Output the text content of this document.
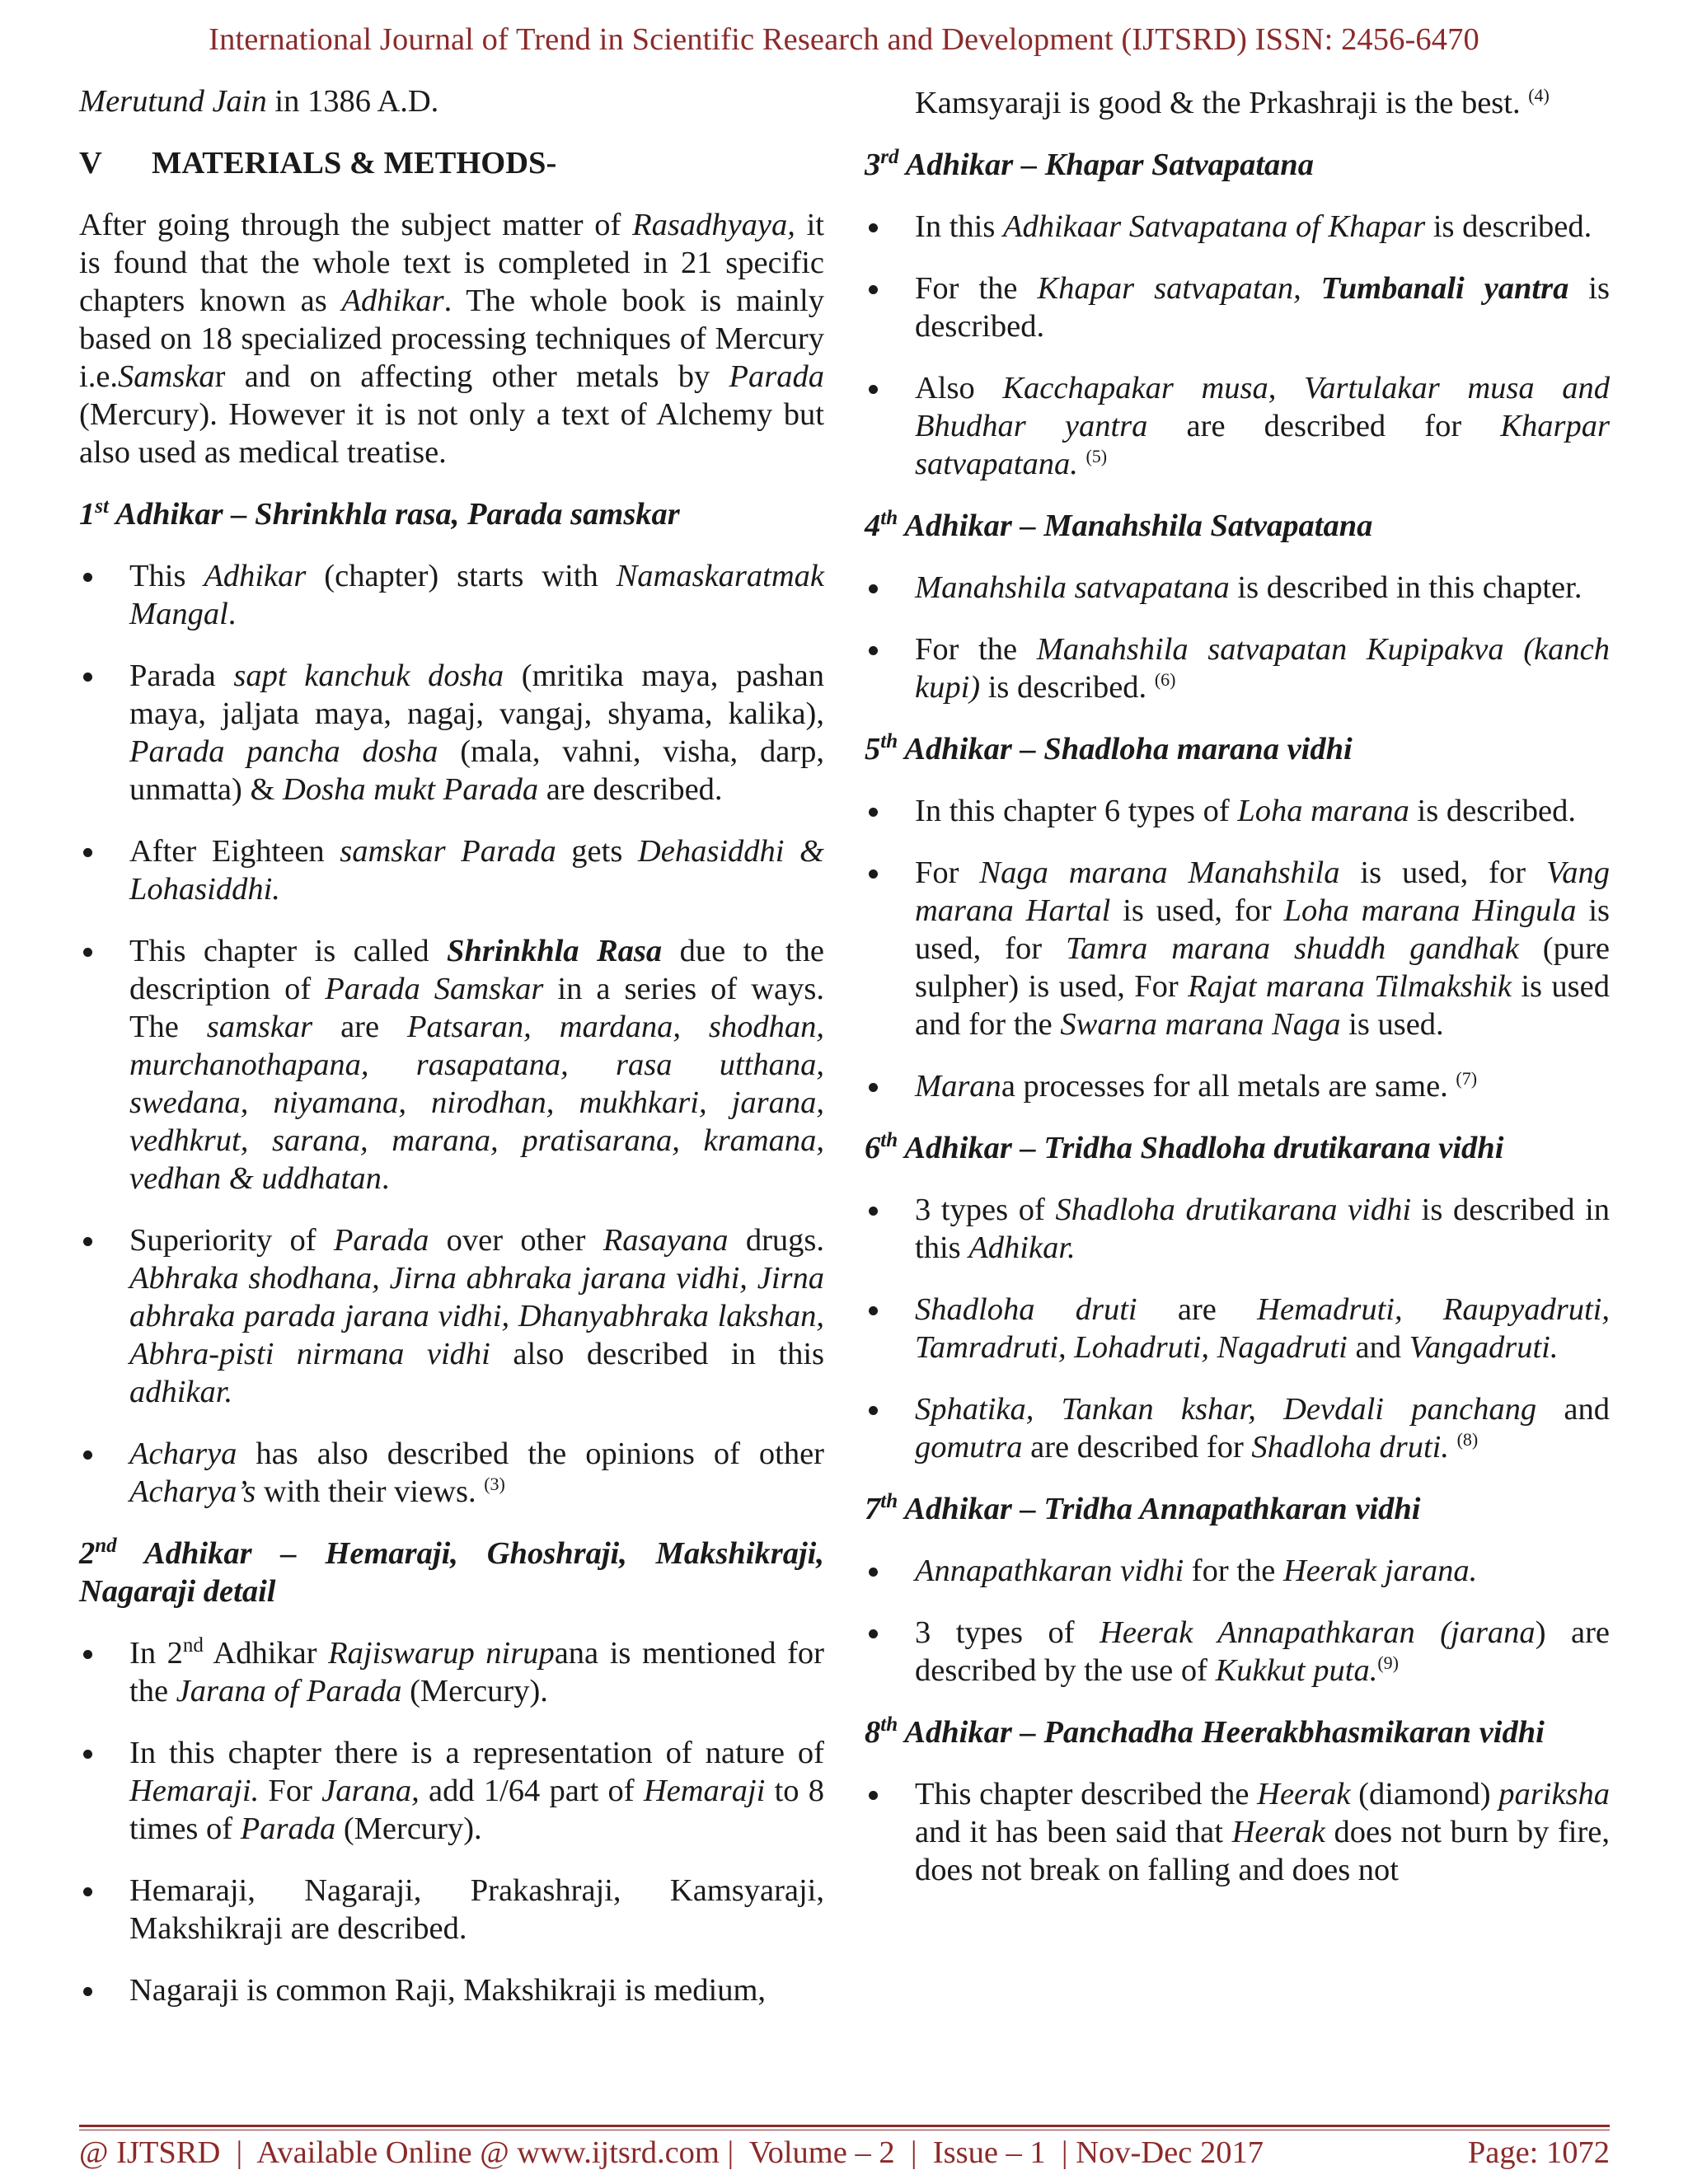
International Journal of Trend in Scientific Research and Development (IJTSRD) ISSN: 2456-6470

Merutund Jain in 1386 A.D.

V	MATERIALS & METHODS-

After going through the subject matter of Rasadhyaya, it is found that the whole text is completed in 21 specific chapters known as Adhikar. The whole book is mainly based on 18 specialized processing techniques of Mercury i.e.Samskar and on affecting other metals by Parada (Mercury). However it is not only a text of Alchemy but also used as medical treatise.

1st Adhikar – Shrinkhla rasa, Parada samskar

This Adhikar (chapter) starts with Namaskaratmak Mangal.

Parada sapt kanchuk dosha (mritika maya, pashan maya, jaljata maya, nagaj, vangaj, shyama, kalika), Parada pancha dosha (mala, vahni, visha, darp, unmatta) & Dosha mukt Parada are described.

After Eighteen samskar Parada gets Dehasiddhi & Lohasiddhi.

This chapter is called Shrinkhla Rasa due to the description of Parada Samskar in a series of ways. The samskar are Patsaran, mardana, shodhan, murchanothapana, rasapatana, rasa utthana, swedana, niyamana, nirodhan, mukhkari, jarana, vedhkrut, sarana, marana, pratisarana, kramana, vedhan & uddhatan.

Superiority of Parada over other Rasayana drugs. Abhraka shodhana, Jirna abhraka jarana vidhi, Jirna abhraka parada jarana vidhi, Dhanyabhraka lakshan, Abhra-pisti nirmana vidhi also described in this adhikar.

Acharya has also described the opinions of other Acharya’s with their views. $^{(3)}$

2nd Adhikar – Hemaraji, Ghoshraji, Makshikraji, Nagaraji detail

In 2nd Adhikar Rajiswarup nirupana is mentioned for the Jarana of Parada (Mercury).

In this chapter there is a representation of nature of Hemaraji. For Jarana, add 1/64 part of Hemaraji to 8 times of Parada (Mercury).

Hemaraji, Nagaraji, Prakashraji, Kamsyaraji, Makshikraji are described.

Nagaraji is common Raji, Makshikraji is medium,

Kamsyaraji is good & the Prkashraji is the best. $^{(4)}$

3rd Adhikar – Khapar Satvapatana

In this Adhikaar Satvapatana of Khapar is described.

For the Khapar satvapatan, Tumbanali yantra is described.

Also Kacchapakar musa, Vartulakar musa and Bhudhar yantra are described for Kharpar satvapatana. $^{(5)}$

4th Adhikar – Manahshila Satvapatana

Manahshila satvapatana is described in this chapter.

For the Manahshila satvapatan Kupipakva (kanch kupi) is described. $^{(6)}$

5th Adhikar – Shadloha marana vidhi

In this chapter 6 types of Loha marana is described.

For Naga marana Manahshila is used, for Vang marana Hartal is used, for Loha marana Hingula is used, for Tamra marana shuddh gandhak (pure sulpher) is used, For Rajat marana Tilmakshik is used and for the Swarna marana Naga is used.

Marana processes for all metals are same. $^{(7)}$

6th Adhikar – Tridha Shadloha drutikarana vidhi

3 types of Shadloha drutikarana vidhi is described in this Adhikar.

Shadloha druti are Hemadruti, Raupyadruti, Tamradruti, Lohadruti, Nagadruti and Vangadruti.

Sphatika, Tankan kshar, Devdali panchang and gomutra are described for Shadloha druti. $^{(8)}$

7th Adhikar – Tridha Annapathkaran vidhi

Annapathkaran vidhi for the Heerak jarana.

3 types of Heerak Annapathkaran (jarana) are described by the use of Kukkut puta.$^{(9)}$

8th Adhikar – Panchadha Heerakbhasmikaran vidhi

This chapter described the Heerak (diamond) pariksha and it has been said that Heerak does not burn by fire, does not break on falling and does not

@ IJTSRD  |  Available Online @ www.ijtsrd.com |  Volume – 2  |  Issue – 1  | Nov-Dec 2017	Page: 1072
